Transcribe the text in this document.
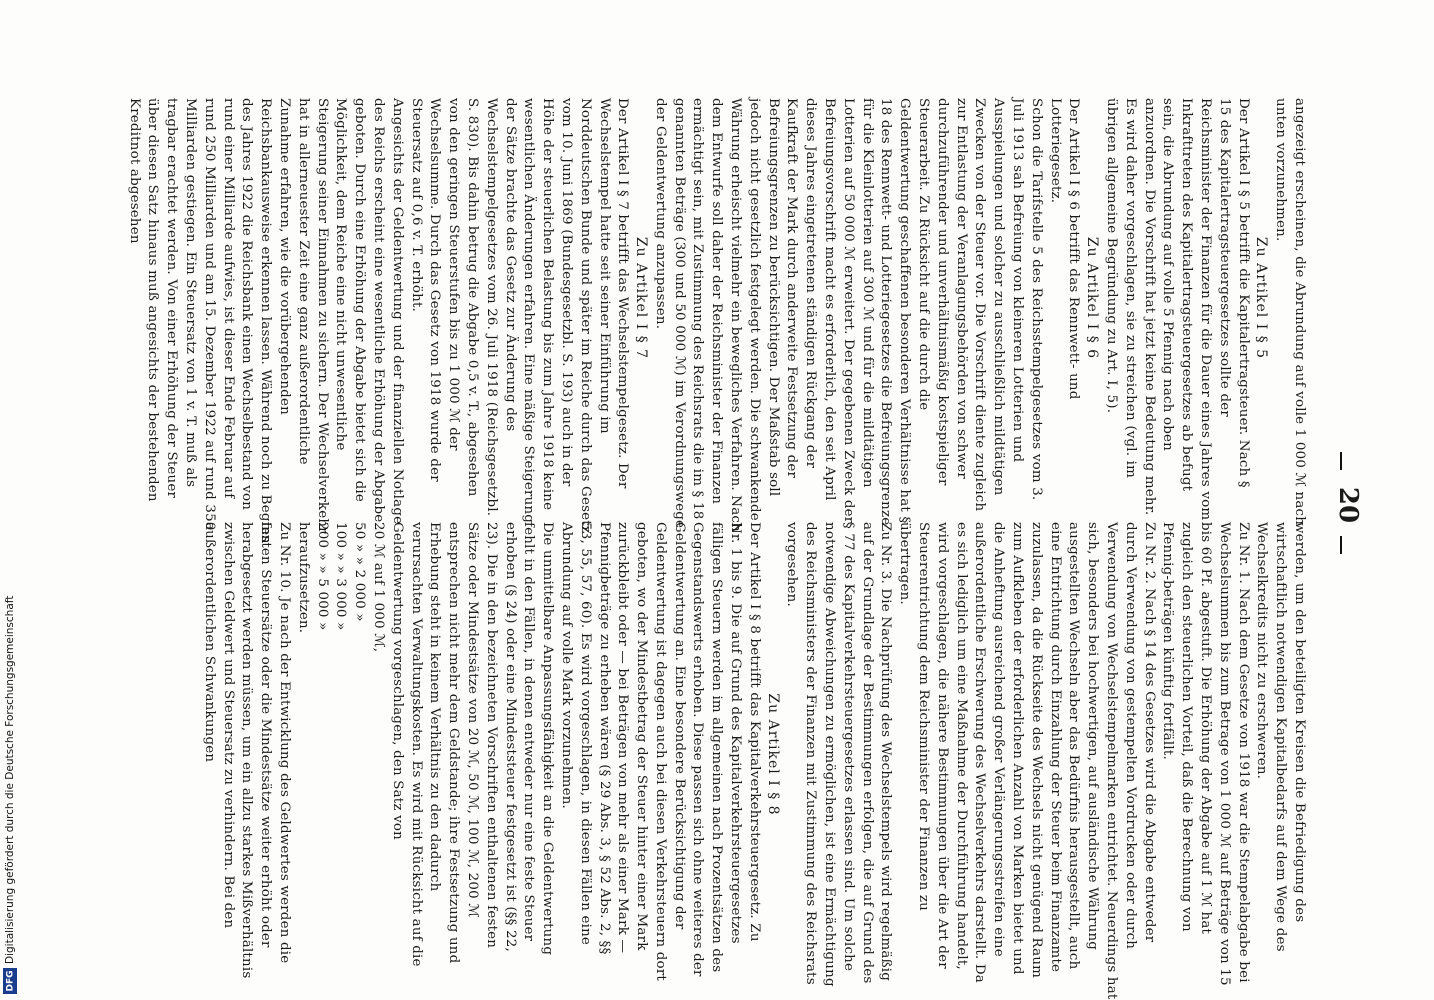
20

werden, um den beteiligten Kreisen die Befriedigung des
wirtschaftlich notwendigen Kapitalbedarfs auf dem Wege des
Wechselkredits nicht zu erschweren.

Zu Nr. 1. Nach dem Gesetze von 1918 war die Stempelabgabe bei
Wechselsummen bis zum Betrage von 1 000 ℳ auf Beträge von 15
bis 60 Pf. abgestuft. Die Erhöhung der Abgabe auf 1 ℳ hat
zugleich den steuerlichen Vorteil, daß die Berechnung von
Pfennig-beträgen künftig fortfällt.

Zu Nr. 2. Nach § 14 des Gesetzes wird die Abgabe entweder
durch Verwendung von gestempelten Vordrucken oder durch
Verwendung von Wechselstempelmarken entrichtet. Neuerdings hat
sich, besonders bei hochwertigen, auf ausländische Währung
ausgestellten Wechseln aber das Bedürfnis herausgestellt, auch
eine Entrichtung durch Einzahlung der Steuer beim Finanzamte
zuzulassen, da die Rückseite des Wechsels nicht genügend Raum
zum Aufkleben der erforderlichen Anzahl von Marken bietet und
die Anheftung ausreichend großer Verlängerungsstreifen eine
außerordentliche Erschwerung des Wechselverkehrs darstellt. Da
es sich lediglich um eine Maßnahme der Durchführung handelt,
wird vorgeschlagen, die nähere Bestimmungen über die Art der
Steuerentrichtung dem Reichsminister der Finanzen zu
übertragen.

Zu Nr. 3. Die Nachprüfung des Wechselstempels wird regelmäßig
auf der Grundlage der Bestimmungen erfolgen, die auf Grund des
§ 77 des Kapitalverkehrsteuergesetzes erlassen sind. Um solche
notwendige Abweichungen zu ermöglichen, ist eine Ermächtigung
des Reichsministers der Finanzen mit Zustimmung des Reichsrats
vorgesehen.

Zu Artikel I § 8

Der Artikel I § 8 betrifft das Kapitalverkehrsteuergesetz. Zu
Nr. 1 bis 9. Die auf Grund des Kapitalverkehrsteuergesetzes
fälligen Steuern werden im allgemeinen nach Prozentsätzen des
Gegenstandswerts erhoben. Diese passen sich ohne weiteres der
Geldentwertung an. Eine besondere Berücksichtigung der
Geldentwertung ist dagegen auch bei diesen Verkehrsteuern dort
geboten, wo der Mindestbetrag der Steuer hinter einer Mark
zurückbleibt oder — bei Beträgen von mehr als einer Mark —
Pfennigbeträge zu erheben wären (§ 29 Abs. 3, § 52 Abs. 2, §§
53, 55, 57, 60). Es wird vorgeschlagen, in diesen Fällen eine
Abrundung auf volle Mark vorzunehmen.

Die unmittelbare Anpassungsfähigkeit an die Geldentwertung
fehlt in den Fällen, in denen entweder nur eine feste Steuer
erhoben (§ 24) oder eine Mindeststeuer festgesetzt ist (§§ 22,
23). Die in den bezeichneten Vorschriften enthaltenen festen
Sätze oder Mindestsätze von 20 ℳ, 50 ℳ, 100 ℳ, 200 ℳ
entsprechen nicht mehr dem Geldstande; ihre Festsetzung und
Erhebung steht in keinem Verhältnis zu den dadurch
verursachten Verwaltungskosten. Es wird mit Rücksicht auf die
Geldentwertung vorgeschlagen, den Satz von

20 ℳ auf 1 000 ℳ,

50 » » 2 000 »

100 » » 3 000 »

200 » » 5 000 »

heraufzusetzen.

Zu Nr. 10. Je nach der Entwicklung des Geldwertes werden die
festen Steuersätze oder die Mindestsätze weiter erhöht oder
herabgesetzt werden müssen, um ein allzu starkes Mißverhältnis
zwischen Geldwert und Steuersatz zu verhindern. Bei den
außerordentlichen Schwankungen

angezeigt erscheinen, die Abrundung auf volle 1 000 ℳ nach
unten vorzunehmen.

Zu Artikel I § 5

Der Artikel I § 5 betrifft die Kapitalertragsteuer. Nach §
15 des Kapitalertragsteuergesetzes sollte der
Reichsminister der Finanzen für die Dauer eines Jahres vom
Inkrafttreten des Kapitalertragsteuergesetzes ab befugt
sein, die Abrundung auf volle 5 Pfennig nach oben
anzuordnen. Die Vorschrift hat jetzt keine Bedeutung mehr.
Es wird daher vorgeschlagen, sie zu streichen (vgl. im
übrigen allgemeine Begründung zu Art. I, 5).

Zu Artikel I § 6

Der Artikel I § 6 betrifft das Rennwett- und
Lotteriegesetz.

Schon die Tarifstelle 5 des Reichsstempelgesetzes vom 3.
Juli 1913 sah Befreiung von kleineren Lotterien und
Ausspielungen und solcher zu ausschließlich mildtätigen
Zwecken von der Steuer vor. Die Vorschrift diente zugleich
zur Entlastung der Veranlagungsbehörden von schwer
durchzuführender und unverhältnismäßig kostspieliger
Steuerarbeit. Zu Rücksicht auf die durch die
Geldentwertung geschaffenen besonderen Verhältnisse hat §
18 des Rennwett- und Lotteriegesetzes die Befreiungsgrenze
für die Kleinlotterien auf 300 ℳ und für die mildtätigen
Lotterien auf 50 000 ℳ erweitert. Der gegebenen Zweck der
Befreiungsvorschrift macht es erforderlich, den seit April
dieses Jahres eingetretenen ständigen Rückgang der
Kaufkraft der Mark durch anderweite Festsetzung der
Befreiungsgrenzen zu berücksichtigen. Der Maßstab soll
jedoch nicht gesetzlich festgelegt werden. Die schwankende
Währung erheischt vielmehr ein bewegliches Verfahren. Nach
dem Entwurfe soll daher der Reichsminister der Finanzen
ermächtigt sein, mit Zustimmung des Reichsrats die im § 18
genannten Beträge (300 und 50 000 ℳ) im Verordnungswege
der Geldentwertung anzupassen.

Zu Artikel I § 7

Der Artikel I § 7 betrifft das Wechselstempelgesetz. Der
Wechselstempel hatte seit seiner Einführung im
Norddeutschen Bunde und später im Reiche durch das Gesetz
vom 10. Juni 1869 (Bundesgesetzbl. S. 193) auch in der
Höhe der steuerlichen Belastung bis zum Jahre 1918 keine
wesentlichen Änderungen erfahren. Eine mäßige Steigerung
der Sätze brachte das Gesetz zur Änderung des
Wechselstempelgesetzes vom 26. Juli 1918 (Reichsgesetzbl.
S. 830). Bis dahin betrug die Abgabe 0,5 v. T., abgesehen
von den geringen Steuerstufen bis zu 1 000 ℳ der
Wechselsumme. Durch das Gesetz von 1918 wurde der
Steuersatz auf 0,6 v. T. erhöht.

Angesichts der Geldentwertung und der finanziellen Notlage
des Reichs erscheint eine wesentliche Erhöhung der Abgabe
geboten. Durch eine Erhöhung der Abgabe bietet sich die
Möglichkeit, dem Reiche eine nicht unwesentliche
Steigerung seiner Einnahmen zu sichern. Der Wechselverkehr
hat in allerneuester Zeit eine ganz außerordentliche
Zunahme erfahren, wie die vorübergehenden
Reichsbankausweise erkennen lassen. Während noch zu Beginn
des Jahres 1922 die Reichsbank einen Wechselbestand von
rund einer Milliarde aufwies, ist dieser Ende Februar auf
rund 250 Milliarden und am 15. Dezember 1922 auf rund 350
Milliarden gestiegen. Ein Steuersatz von 1 v. T. muß als
tragbar erachtet werden. Von einer Erhöhung der Steuer
über diesen Satz hinaus muß angesichts der bestehenden
Kreditnot abgesehen

Digitalisierung gefördert durch die Deutsche Forschungsgemeinschaft
DFG
